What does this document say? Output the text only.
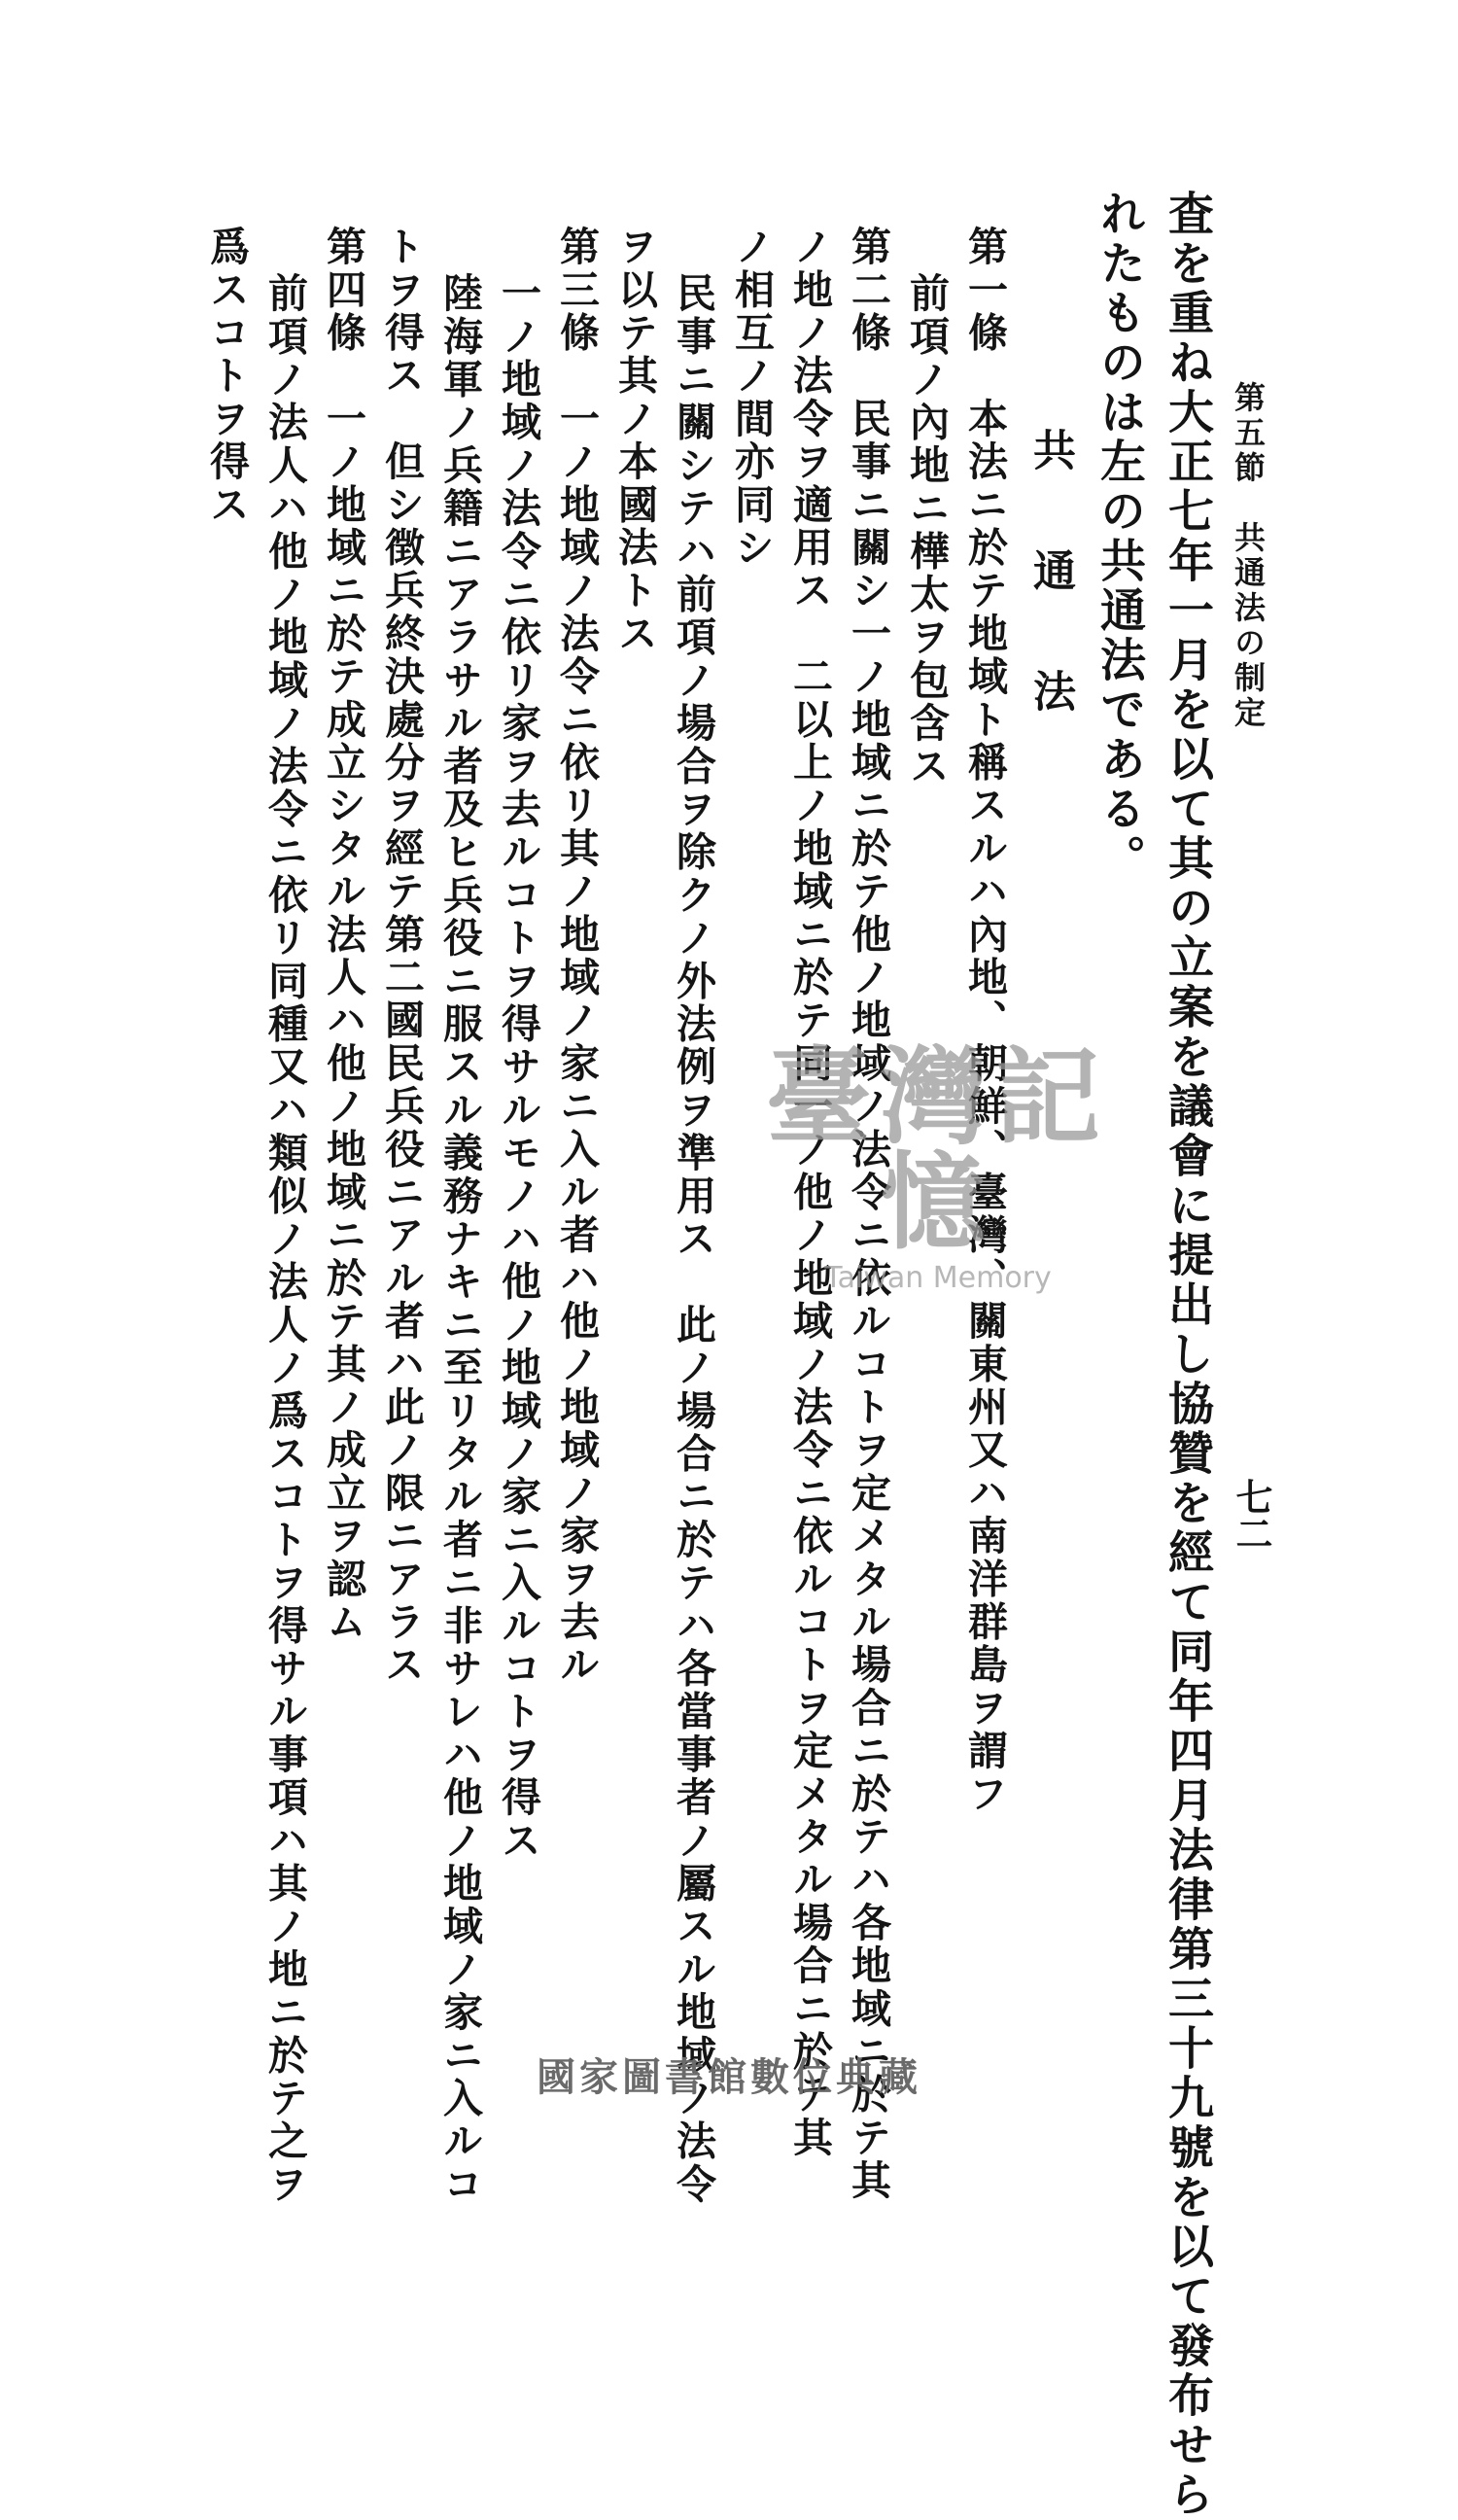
第五節　共通法の制定
七二
査を重ね大正七年一月を以て其の立案を議會に提出し協贊を經て同年四月法律第三十九號を以て發布せら
れたものは左の共通法である。
共　通　法
第一條　本法ニ於テ地域ト稱スルハ內地、朝鮮、臺灣、關東州又ハ南洋群島ヲ謂フ
前項ノ內地ニ樺太ヲ包含ス
第二條　民事ニ關シ一ノ地域ニ於テ他ノ地域ノ法令ニ依ルコトヲ定メタル場合ニ於テハ各地域ニ於テ其
ノ地ノ法令ヲ適用ス　二以上ノ地域ニ於テ同一ノ他ノ地域ノ法令ニ依ルコトヲ定メタル場合ニ於テ其
ノ相互ノ間亦同シ
民事ニ關シテハ前項ノ場合ヲ除クノ外法例ヲ準用ス　此ノ場合ニ於テハ各當事者ノ屬スル地域ノ法令
ヲ以テ其ノ本國法トス
第三條　一ノ地域ノ法令ニ依リ其ノ地域ノ家ニ入ル者ハ他ノ地域ノ家ヲ去ル
一ノ地域ノ法令ニ依リ家ヲ去ルコトヲ得サルモノハ他ノ地域ノ家ニ入ルコトヲ得ス
陸海軍ノ兵籍ニアラサル者及ヒ兵役ニ服スル義務ナキニ至リタル者ニ非サレハ他ノ地域ノ家ニ入ルコ
トヲ得ス　但シ徴兵終決處分ヲ經テ第二國民兵役ニアル者ハ此ノ限ニアラス
第四條　一ノ地域ニ於テ成立シタル法人ハ他ノ地域ニ於テ其ノ成立ヲ認ム
前項ノ法人ハ他ノ地域ノ法令ニ依リ同種又ハ類似ノ法人ノ爲スコトヲ得サル事項ハ其ノ地ニ於テ之ヲ
爲スコトヲ得ス
臺灣記憶
Taiwan Memory
國家圖書館數位典藏
